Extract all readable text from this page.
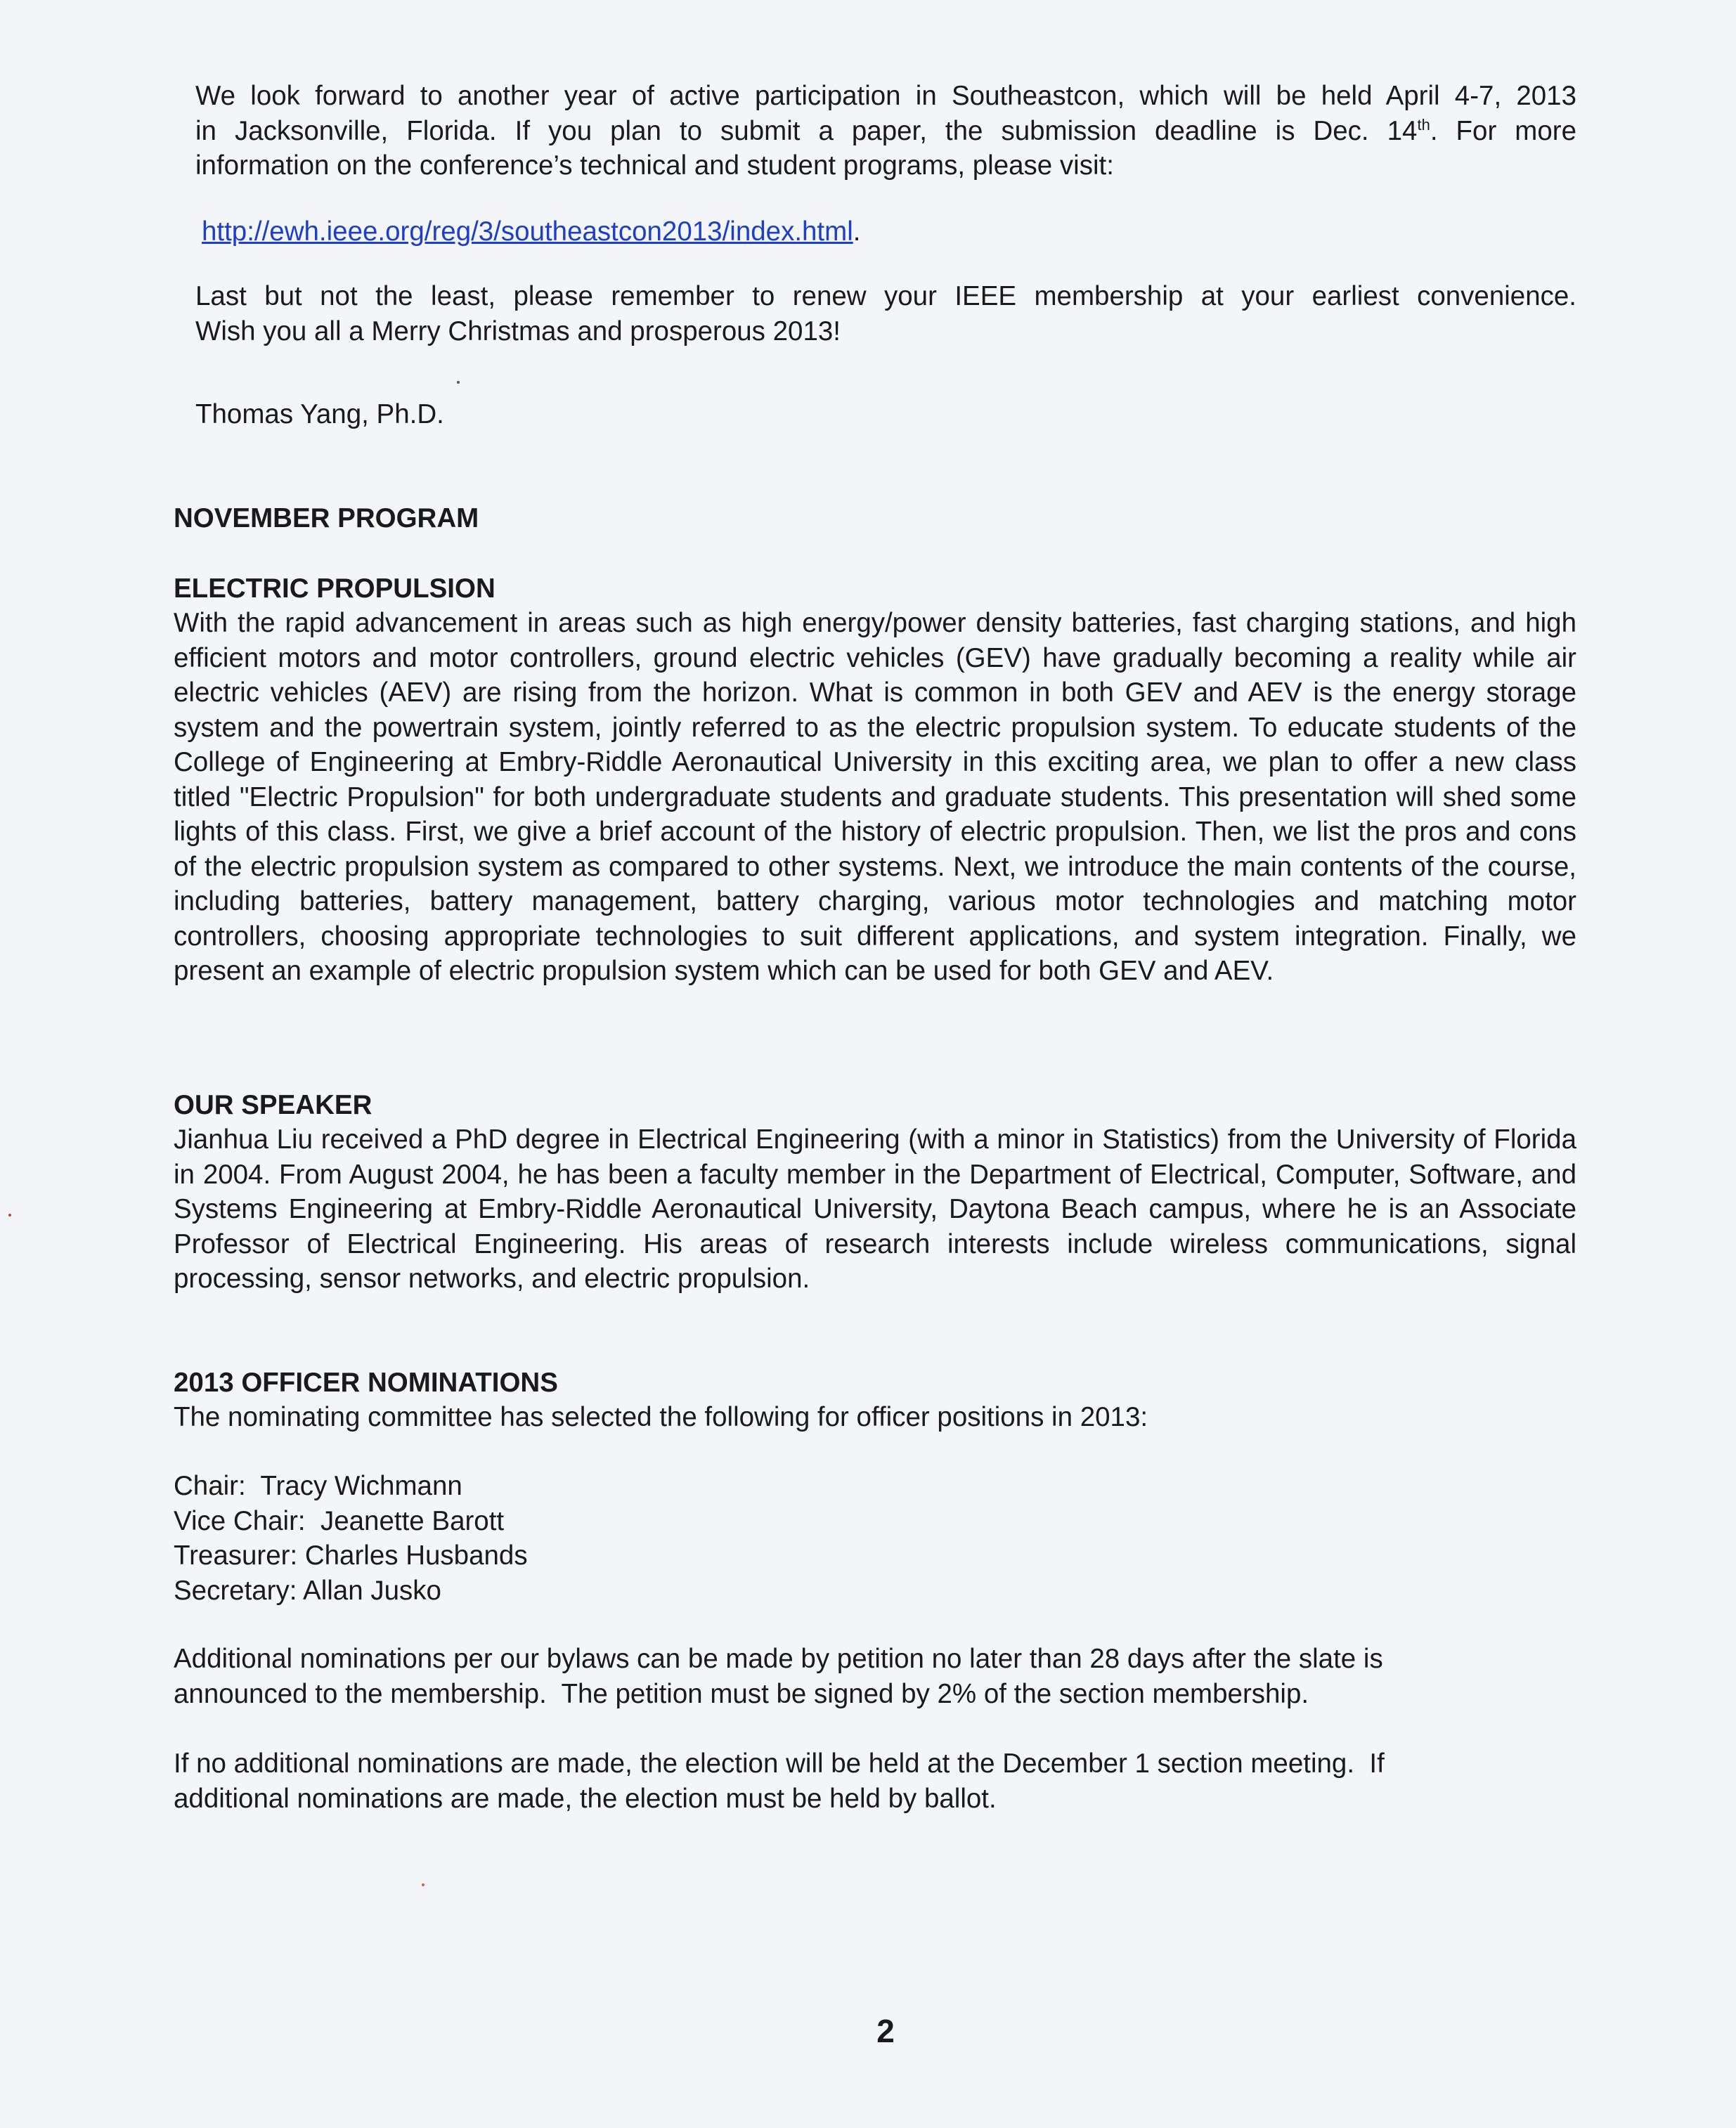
We look forward to another year of active participation in Southeastcon, which will be held April 4-7, 2013
in Jacksonville, Florida. If you plan to submit a paper, the submission deadline is Dec. 14th. For more
information on the conference’s technical and student programs, please visit:
http://ewh.ieee.org/reg/3/southeastcon2013/index.html.
Last but not the least, please remember to renew your IEEE membership at your earliest convenience.
Wish you all a Merry Christmas and prosperous 2013!
Thomas Yang, Ph.D.
NOVEMBER PROGRAM
ELECTRIC PROPULSION
With the rapid advancement in areas such as high energy/power density batteries, fast charging stations, and high efficient motors and motor controllers, ground electric vehicles (GEV) have gradually becoming a reality while air electric vehicles (AEV) are rising from the horizon. What is common in both GEV and AEV is the energy storage system and the powertrain system, jointly referred to as the electric propulsion system. To educate students of the College of Engineering at Embry-Riddle Aeronautical University in this exciting area, we plan to offer a new class titled "Electric Propulsion" for both undergraduate students and graduate students. This presentation will shed some lights of this class. First, we give a brief account of the history of electric propulsion. Then, we list the pros and cons of the electric propulsion system as compared to other systems. Next, we introduce the main contents of the course, including batteries, battery management, battery charging, various motor technologies and matching motor controllers, choosing appropriate technologies to suit different applications, and system integration. Finally, we present an example of electric propulsion system which can be used for both GEV and AEV.
OUR SPEAKER
Jianhua Liu received a PhD degree in Electrical Engineering (with a minor in Statistics) from the University of Florida in 2004. From August 2004, he has been a faculty member in the Department of Electrical, Computer, Software, and Systems Engineering at Embry-Riddle Aeronautical University, Daytona Beach campus, where he is an Associate Professor of Electrical Engineering. His areas of research interests include wireless communications, signal processing, sensor networks, and electric propulsion.
2013 OFFICER NOMINATIONS
The nominating committee has selected the following for officer positions in 2013:
Chair:  Tracy Wichmann
Vice Chair:  Jeanette Barott
Treasurer: Charles Husbands
Secretary: Allan Jusko
Additional nominations per our bylaws can be made by petition no later than 28 days after the slate is
announced to the membership.  The petition must be signed by 2% of the section membership.
If no additional nominations are made, the election will be held at the December 1 section meeting.  If
additional nominations are made, the election must be held by ballot.
2
